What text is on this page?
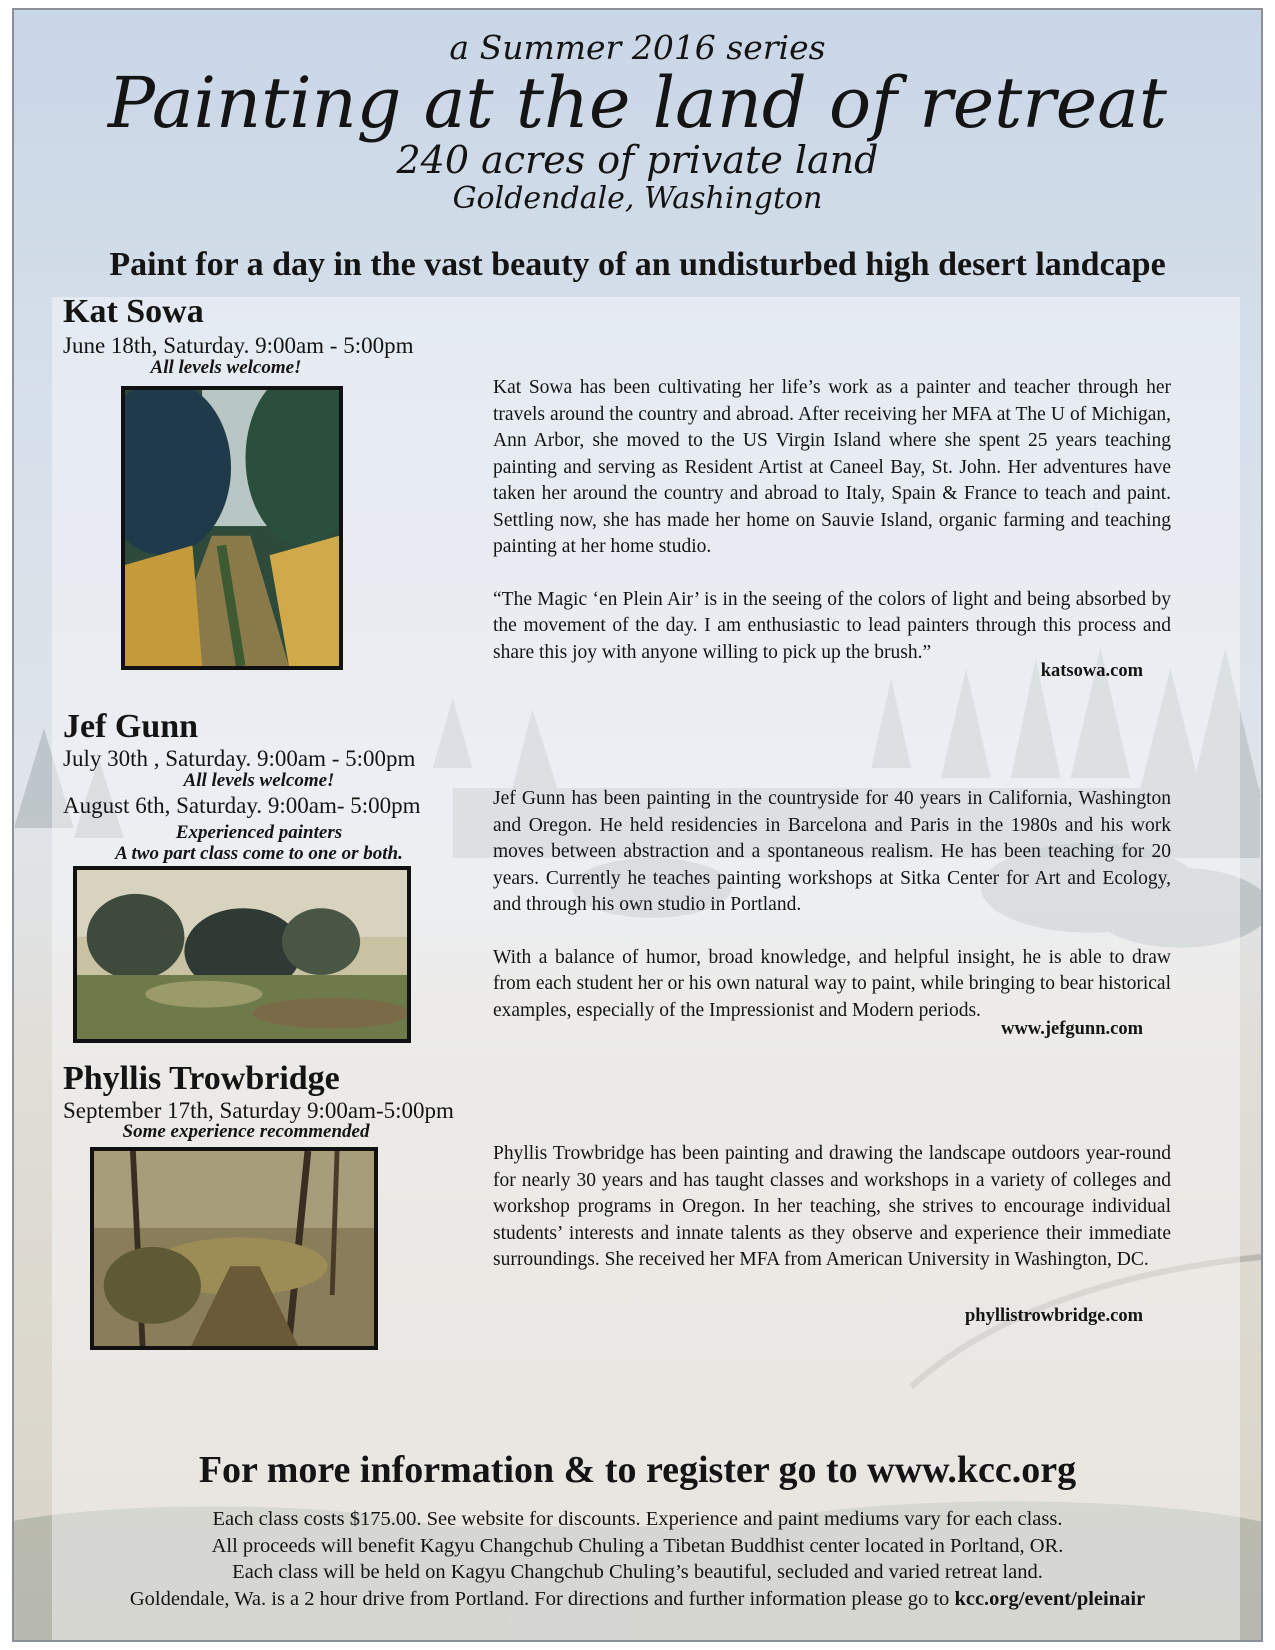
a Summer 2016 series
Painting at the land of retreat
240 acres of private land
Goldendale, Washington
Paint for a day in the vast beauty of an undisturbed high desert landcape
Kat Sowa
June 18th, Saturday. 9:00am - 5:00pm
All levels welcome!

Kat Sowa has been cultivating her life’s work as a painter and teacher through her travels around the country and abroad. After receiving her MFA at The U of Michigan, Ann Arbor, she moved to the US Virgin Island where she spent 25 years teaching painting and serving as Resident Artist at Caneel Bay, St. John. Her adventures have taken her around the country and abroad to Italy, Spain & France to teach and paint. Settling now, she has made her home on Sauvie Island, organic farming and teaching painting at her home studio.

“The Magic ‘en Plein Air’ is in the seeing of the colors of light and being absorbed by the movement of the day. I am enthusiastic to lead painters through this process and share this joy with anyone willing to pick up the brush.”

katsowa.com
Jef Gunn
July 30th , Saturday. 9:00am - 5:00pm
All levels welcome!
August 6th, Saturday. 9:00am- 5:00pm
Experienced painters
A two part class come to one or both.

Jef Gunn has been painting in the countryside for 40 years in California, Washington and Oregon. He held residencies in Barcelona and Paris in the 1980s and his work moves between abstraction and a spontaneous realism. He has been teaching for 20 years. Currently he teaches painting workshops at Sitka Center for Art and Ecology, and through his own studio in Portland.

With a balance of humor, broad knowledge, and helpful insight, he is able to draw from each student her or his own natural way to paint, while bringing to bear historical examples, especially of the Impressionist and Modern periods.

www.jefgunn.com
Phyllis Trowbridge
September 17th, Saturday 9:00am-5:00pm
Some experience recommended

Phyllis Trowbridge has been painting and drawing the landscape outdoors year-round for nearly 30 years and has taught classes and workshops in a variety of colleges and workshop programs in Oregon. In her teaching, she strives to encourage individual students’ interests and innate talents as they observe and experience their immediate surroundings. She received her MFA from American University in Washington, DC.

phyllistrowbridge.com
For more information & to register go to www.kcc.org
Each class costs $175.00. See website for discounts. Experience and paint mediums vary for each class.
All proceeds will benefit Kagyu Changchub Chuling a Tibetan Buddhist center located in Porltand, OR.
Each class will be held on Kagyu Changchub Chuling’s beautiful, secluded and varied retreat land.
Goldendale, Wa. is a 2 hour drive from Portland. For directions and further information please go to kcc.org/event/pleinair
